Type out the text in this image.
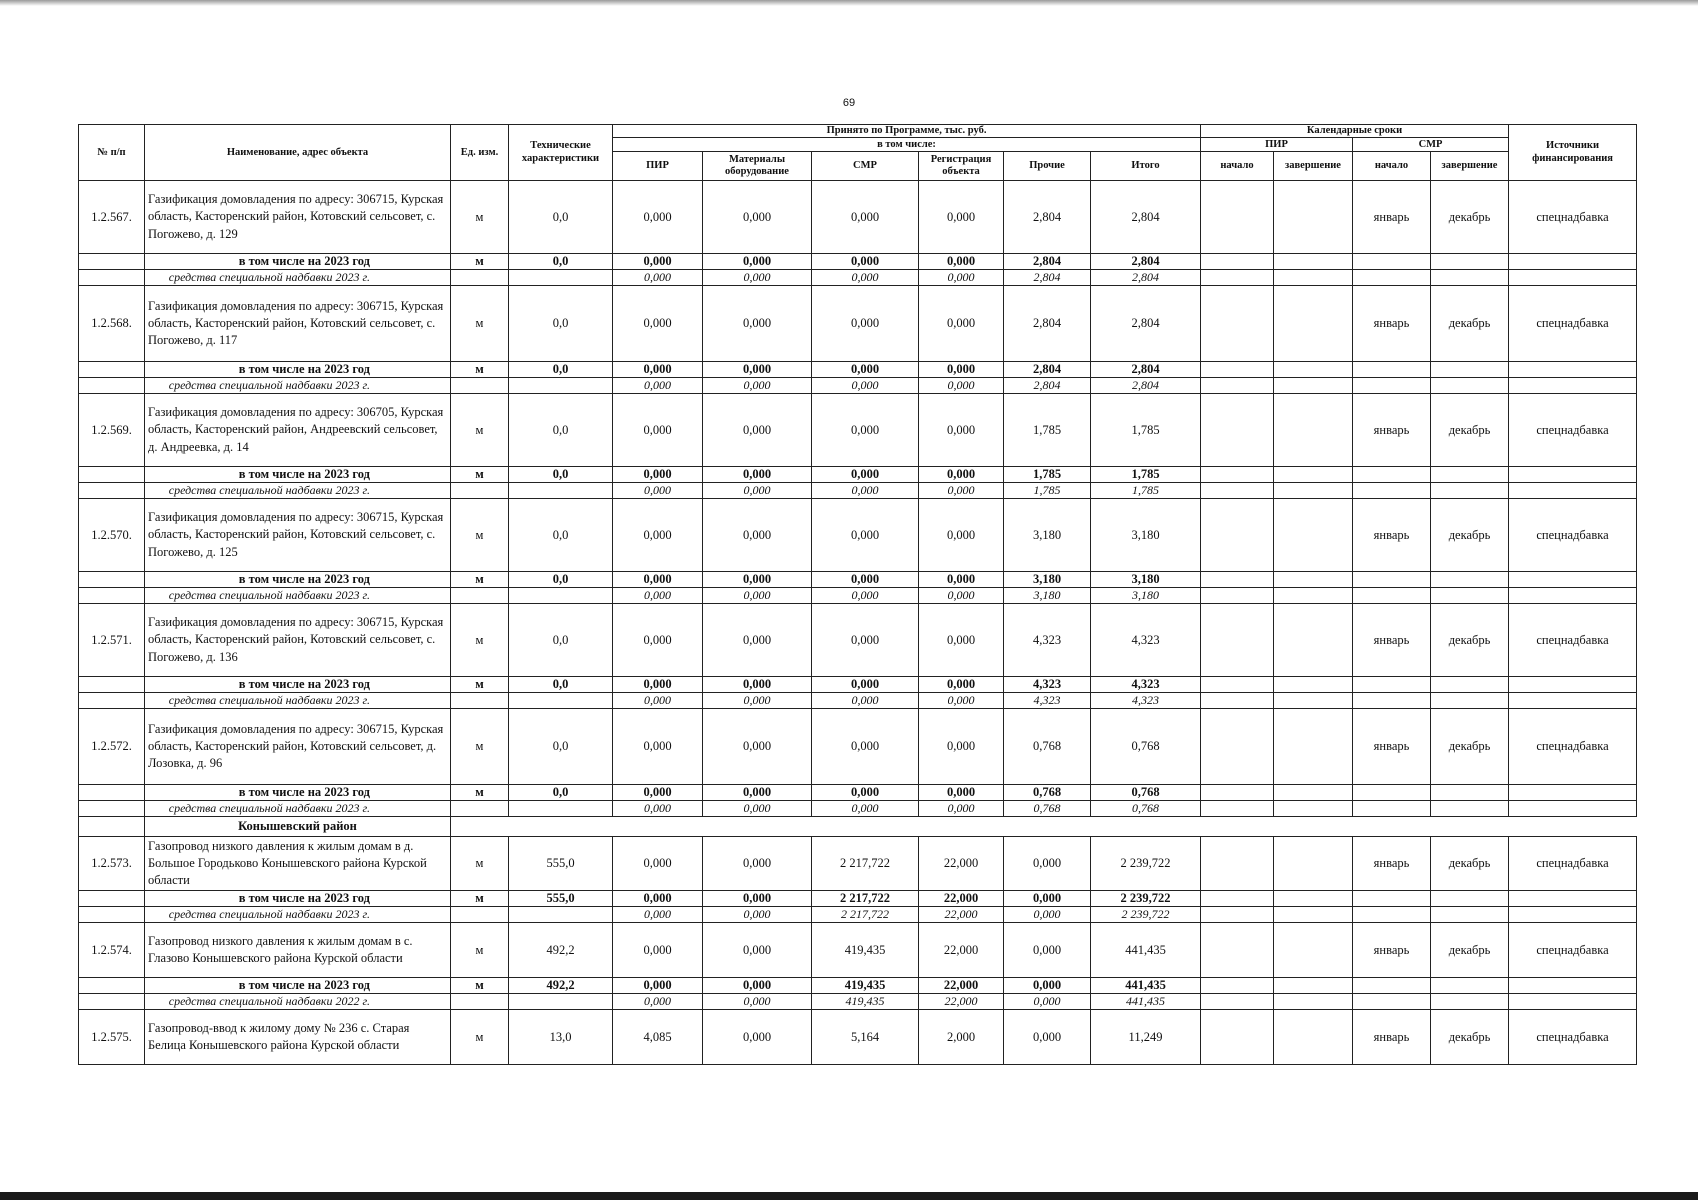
69
№ п/п	Наименование, адрес объекта	Ед. изм.	Технические характеристики	Принято по Программе, тыс. руб.						Календарные сроки				Источники финансирования
				в том числе:						ПИР		СМР		
				ПИР	Материалы оборудование	СМР	Регистрация объекта	Прочие	Итого	начало	завершение	начало	завершение	
1.2.567.	Газификация домовладения по адресу: 306715, Курская область, Касторенский район, Котовский сельсовет, с. Погожево, д. 129	м	0,0	0,000	0,000	0,000	0,000	2,804	2,804			январь	декабрь	спецнадбавка
	в том числе на 2023 год	м	0,0	0,000	0,000	0,000	0,000	2,804	2,804					
	средства специальной надбавки 2023 г.			0,000	0,000	0,000	0,000	2,804	2,804					
1.2.568.	Газификация домовладения по адресу: 306715, Курская область, Касторенский район, Котовский сельсовет, с. Погожево, д. 117	м	0,0	0,000	0,000	0,000	0,000	2,804	2,804			январь	декабрь	спецнадбавка
	в том числе на 2023 год	м	0,0	0,000	0,000	0,000	0,000	2,804	2,804					
	средства специальной надбавки 2023 г.			0,000	0,000	0,000	0,000	2,804	2,804					
1.2.569.	Газификация домовладения по адресу: 306705, Курская область, Касторенский район, Андреевский сельсовет, д. Андреевка, д. 14	м	0,0	0,000	0,000	0,000	0,000	1,785	1,785			январь	декабрь	спецнадбавка
	в том числе на 2023 год	м	0,0	0,000	0,000	0,000	0,000	1,785	1,785					
	средства специальной надбавки 2023 г.			0,000	0,000	0,000	0,000	1,785	1,785					
1.2.570.	Газификация домовладения по адресу: 306715, Курская область, Касторенский район, Котовский сельсовет, с. Погожево, д. 125	м	0,0	0,000	0,000	0,000	0,000	3,180	3,180			январь	декабрь	спецнадбавка
	в том числе на 2023 год	м	0,0	0,000	0,000	0,000	0,000	3,180	3,180					
	средства специальной надбавки 2023 г.			0,000	0,000	0,000	0,000	3,180	3,180					
1.2.571.	Газификация домовладения по адресу: 306715, Курская область, Касторенский район, Котовский сельсовет, с. Погожево, д. 136	м	0,0	0,000	0,000	0,000	0,000	4,323	4,323			январь	декабрь	спецнадбавка
	в том числе на 2023 год	м	0,0	0,000	0,000	0,000	0,000	4,323	4,323					
	средства специальной надбавки 2023 г.			0,000	0,000	0,000	0,000	4,323	4,323					
1.2.572.	Газификация домовладения по адресу: 306715, Курская область, Касторенский район, Котовский сельсовет, д. Лозовка, д. 96	м	0,0	0,000	0,000	0,000	0,000	0,768	0,768			январь	декабрь	спецнадбавка
	в том числе на 2023 год	м	0,0	0,000	0,000	0,000	0,000	0,768	0,768					
	средства специальной надбавки 2023 г.			0,000	0,000	0,000	0,000	0,768	0,768					
	Конышевский район													
1.2.573.	Газопровод низкого давления к жилым домам в д. Большое Городьково Конышевского района Курской области	м	555,0	0,000	0,000	2 217,722	22,000	0,000	2 239,722			январь	декабрь	спецнадбавка
	в том числе на 2023 год	м	555,0	0,000	0,000	2 217,722	22,000	0,000	2 239,722					
	средства специальной надбавки 2023 г.			0,000	0,000	2 217,722	22,000	0,000	2 239,722					
1.2.574.	Газопровод низкого давления к жилым домам в с. Глазово Конышевского района Курской области	м	492,2	0,000	0,000	419,435	22,000	0,000	441,435			январь	декабрь	спецнадбавка
	в том числе на 2023 год	м	492,2	0,000	0,000	419,435	22,000	0,000	441,435					
	средства специальной надбавки 2022 г.			0,000	0,000	419,435	22,000	0,000	441,435					
1.2.575.	Газопровод-ввод к жилому дому № 236 с. Старая Белица Конышевского района Курской области	м	13,0	4,085	0,000	5,164	2,000	0,000	11,249			январь	декабрь	спецнадбавка
